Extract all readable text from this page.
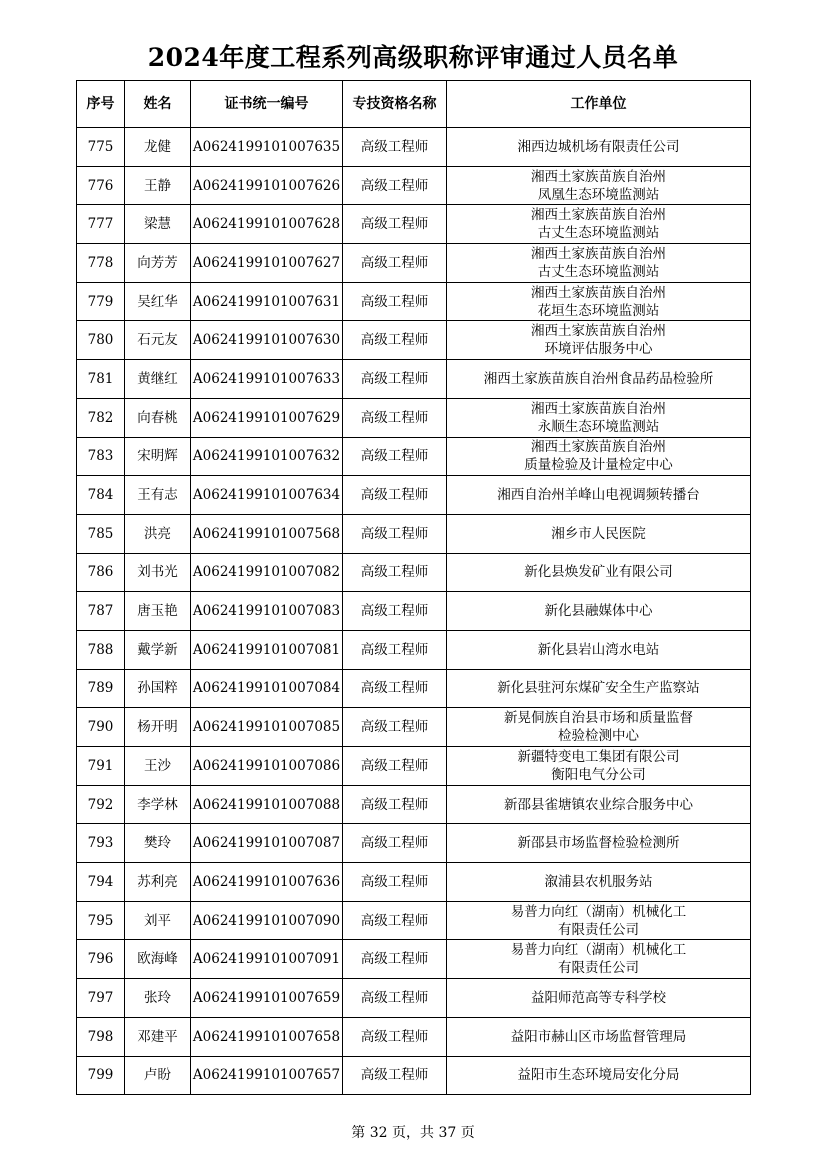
2024年度工程系列高级职称评审通过人员名单
序号	姓名	证书统一编号	专技资格名称	工作单位
775	龙健	A0624199101007635	高级工程师	湘西边城机场有限责任公司

776	王静	A0624199101007626	高级工程师	湘西土家族苗族自治州
凤凰生态环境监测站

777	梁慧	A0624199101007628	高级工程师	湘西土家族苗族自治州
古丈生态环境监测站

778	向芳芳	A0624199101007627	高级工程师	湘西土家族苗族自治州
古丈生态环境监测站

779	吴红华	A0624199101007631	高级工程师	湘西土家族苗族自治州
花垣生态环境监测站

780	石元友	A0624199101007630	高级工程师	湘西土家族苗族自治州
环境评估服务中心

781	黄继红	A0624199101007633	高级工程师	湘西土家族苗族自治州食品药品检验所

782	向春桃	A0624199101007629	高级工程师	湘西土家族苗族自治州
永顺生态环境监测站

783	宋明辉	A0624199101007632	高级工程师	湘西土家族苗族自治州
质量检验及计量检定中心

784	王有志	A0624199101007634	高级工程师	湘西自治州羊峰山电视调频转播台

785	洪亮	A0624199101007568	高级工程师	湘乡市人民医院

786	刘书光	A0624199101007082	高级工程师	新化县焕发矿业有限公司

787	唐玉艳	A0624199101007083	高级工程师	新化县融媒体中心

788	戴学新	A0624199101007081	高级工程师	新化县岩山湾水电站

789	孙国粹	A0624199101007084	高级工程师	新化县驻河东煤矿安全生产监察站

790	杨开明	A0624199101007085	高级工程师	新晃侗族自治县市场和质量监督
检验检测中心

791	王沙	A0624199101007086	高级工程师	新疆特变电工集团有限公司
衡阳电气分公司

792	李学林	A0624199101007088	高级工程师	新邵县雀塘镇农业综合服务中心

793	樊玲	A0624199101007087	高级工程师	新邵县市场监督检验检测所

794	苏利亮	A0624199101007636	高级工程师	溆浦县农机服务站

795	刘平	A0624199101007090	高级工程师	易普力向红（湖南）机械化工
有限责任公司

796	欧海峰	A0624199101007091	高级工程师	易普力向红（湖南）机械化工
有限责任公司

797	张玲	A0624199101007659	高级工程师	益阳师范高等专科学校

798	邓建平	A0624199101007658	高级工程师	益阳市赫山区市场监督管理局

799	卢盼	A0624199101007657	高级工程师	益阳市生态环境局安化分局
第 32 页，共 37 页
